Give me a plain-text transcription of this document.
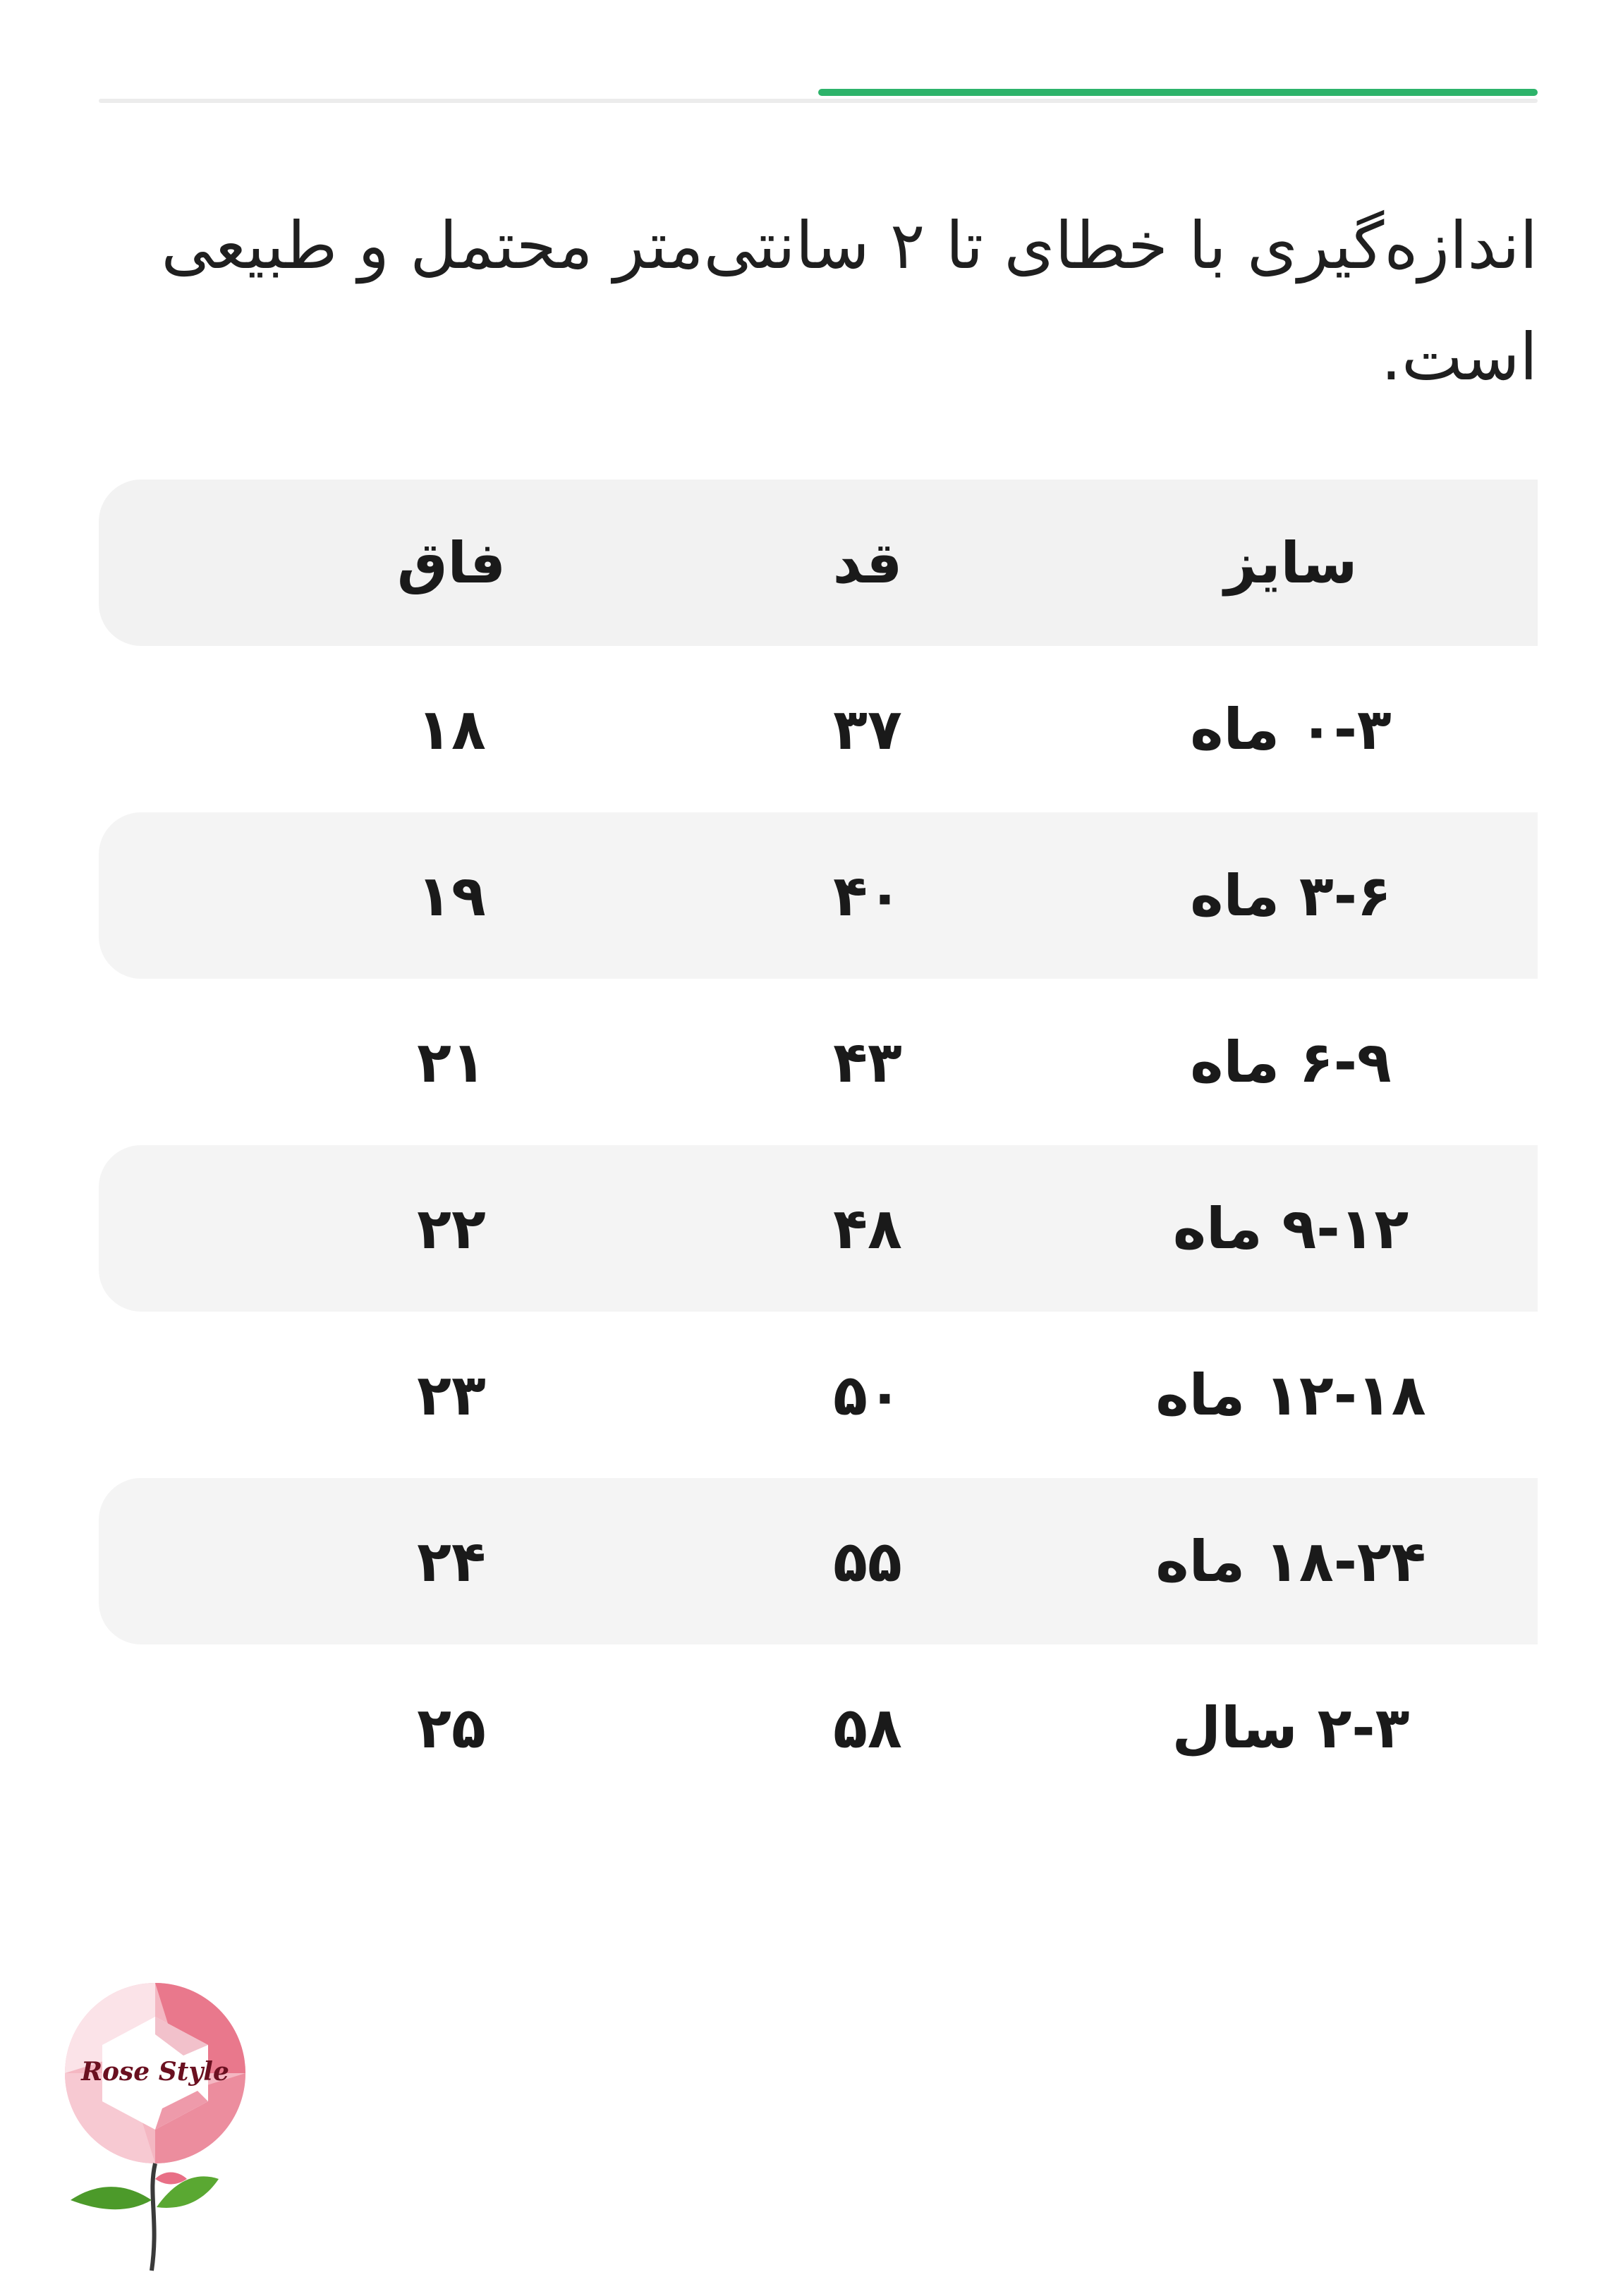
اندازه‌گیری با خطای تا ۲ سانتی‌متر محتمل و طبیعی است.
سایز
قد
فاق
۰-۳ ماه
۳۷
۱۸
۳-۶ ماه
۴۰
۱۹
۶-۹ ماه
۴۳
۲۱
۹-۱۲ ماه
۴۸
۲۲
۱۲-۱۸ ماه
۵۰
۲۳
۱۸-۲۴ ماه
۵۵
۲۴
۲-۳ سال
۵۸
۲۵
Rose Style
